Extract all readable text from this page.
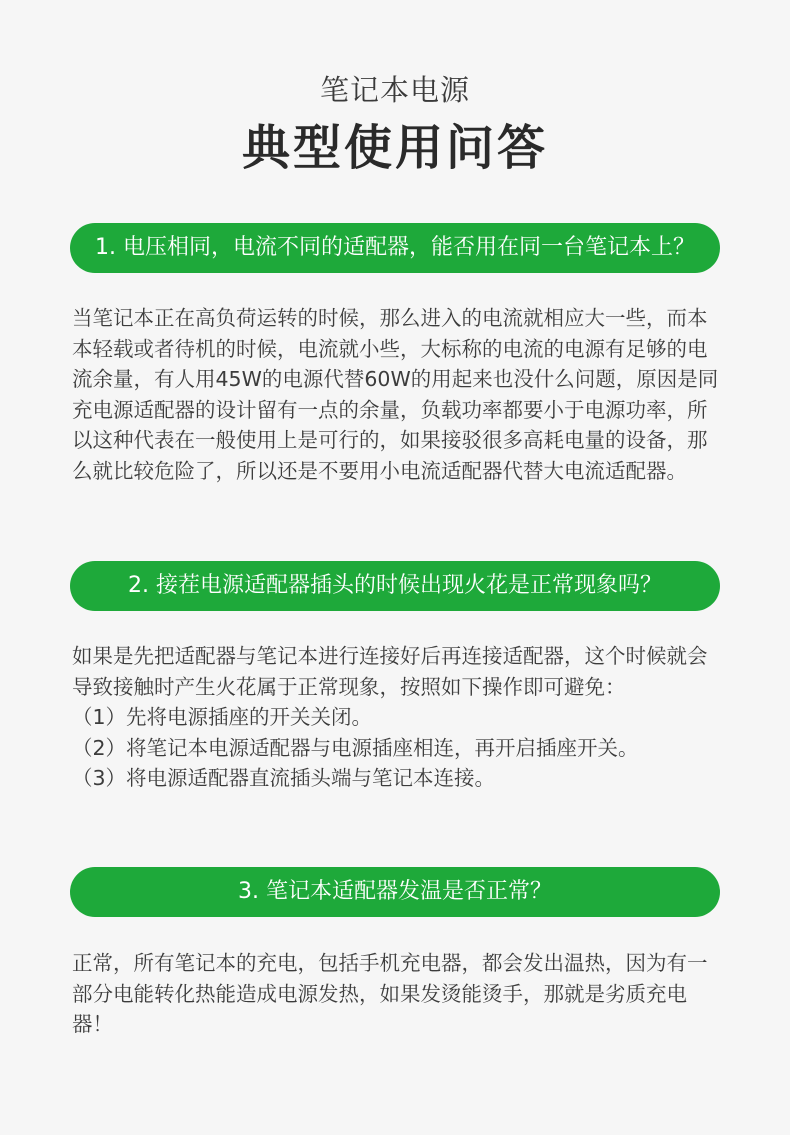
笔记本电源
典型使用问答
1. 电压相同，电流不同的适配器，能否用在同一台笔记本上？

当笔记本正在高负荷运转的时候，那么进入的电流就相应大一些，而本本轻载或者待机的时候，电流就小些，大标称的电流的电源有足够的电流余量，有人用45W的电源代替60W的用起来也没什么问题，原因是同充电源适配器的设计留有一点的余量，负载功率都要小于电源功率，所以这种代表在一般使用上是可行的，如果接驳很多高耗电量的设备，那么就比较危险了，所以还是不要用小电流适配器代替大电流适配器。

2. 接茬电源适配器插头的时候出现火花是正常现象吗？

如果是先把适配器与笔记本进行连接好后再连接适配器，这个时候就会导致接触时产生火花属于正常现象，按照如下操作即可避免：

（1）先将电源插座的开关关闭。
（2）将笔记本电源适配器与电源插座相连，再开启插座开关。
（3）将电源适配器直流插头端与笔记本连接。
3. 笔记本适配器发温是否正常？

正常，所有笔记本的充电，包括手机充电器，都会发出温热，因为有一部分电能转化热能造成电源发热，如果发烫能烫手，那就是劣质充电器！
